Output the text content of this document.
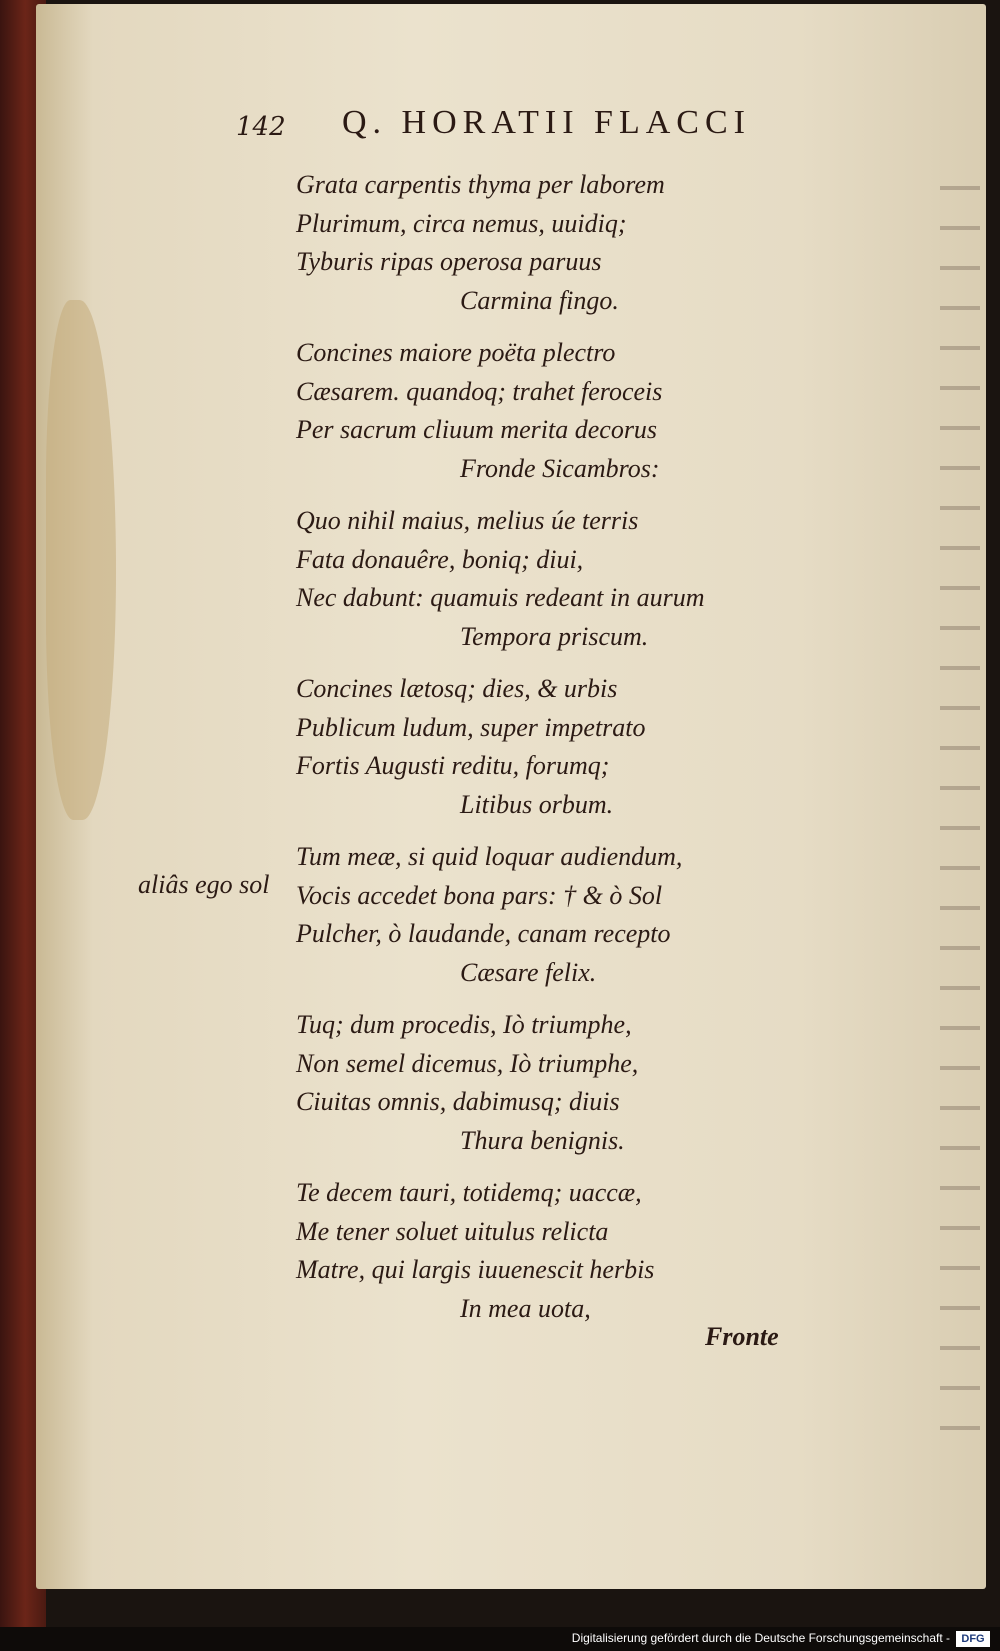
142 Q. HORATII FLACCI
Grata carpentis thyma per laborem
Plurimum, circa nemus, uuidiq;
Tyburis ripas operosa paruus
Carmina fingo.
Concines maiore poëta plectro
Cæsarem. quandoq; trahet feroceis
Per sacrum cliuum merita decorus
Fronde Sicambros:
Quo nihil maius, melius úe terris
Fata donauêre, boniq; diui,
Nec dabunt: quamuis redeant in aurum
Tempora priscum.
Concines lætosq; dies, & urbis
Publicum ludum, super impetrato
Fortis Augusti reditu, forumq;
Litibus orbum.
Tum meæ, si quid loquar audiendum,
Vocis accedet bona pars: † & ò Sol
Pulcher, ò laudande, canam recepto
Cæsare felix.
Tuq; dum procedis, Iò triumphe,
Non semel dicemus, Iò triumphe,
Ciuitas omnis, dabimusq; diuis
Thura benignis.
Te decem tauri, totidemq; uaccæ,
Me tener soluet uitulus relicta
Matre, qui largis iuuenescit herbis
In mea uota,
aliâs ego sol
Fronte
Digitalisierung gefördert durch die Deutsche Forschungsgemeinschaft -	DFG
